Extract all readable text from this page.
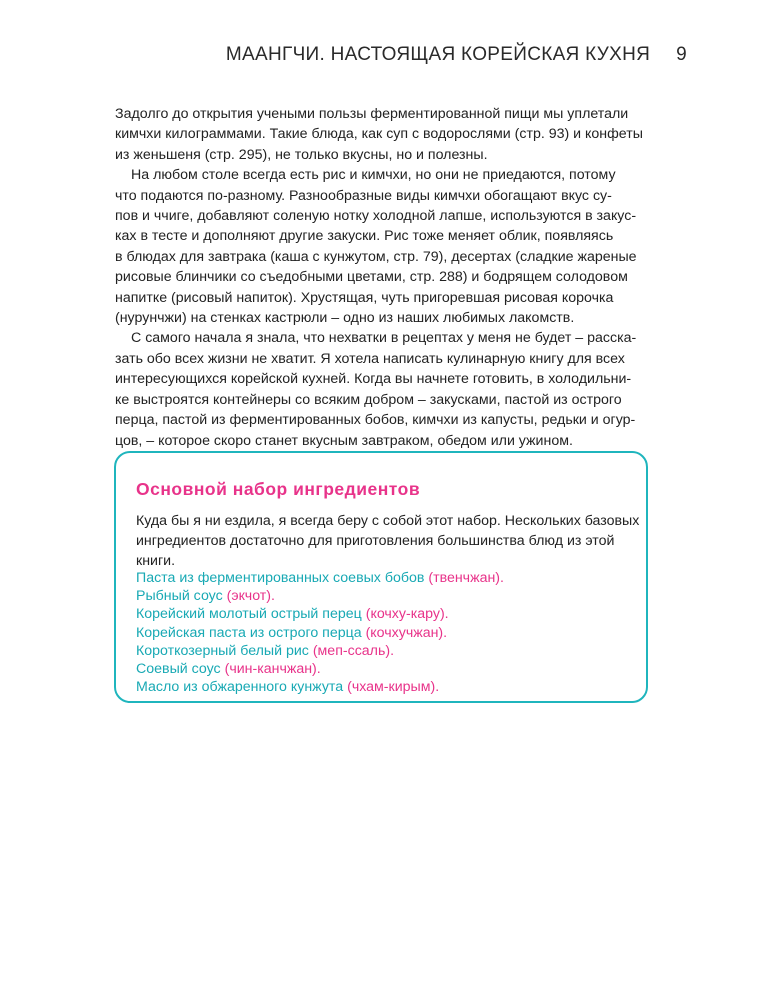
МААНГЧИ. НАСТОЯЩАЯ КОРЕЙСКАЯ КУХНЯ 9

Задолго до открытия учеными пользы ферментированной пищи мы уплетали
кимчхи килограммами. Такие блюда, как суп с водорослями (стр. 93) и конфеты
из женьшеня (стр. 295), не только вкусны, но и полезны.

На любом столе всегда есть рис и кимчхи, но они не приедаются, потому
что подаются по-разному. Разнообразные виды кимчхи обогащают вкус су-
пов и ччиге, добавляют соленую нотку холодной лапше, используются в закус-
ках в тесте и дополняют другие закуски. Рис тоже меняет облик, появляясь
в блюдах для завтрака (каша с кунжутом, стр. 79), десертах (сладкие жареные
рисовые блинчики со съедобными цветами, стр. 288) и бодрящем солодовом
напитке (рисовый напиток). Хрустящая, чуть пригоревшая рисовая корочка
(нурунчжи) на стенках кастрюли – одно из наших любимых лакомств.

С самого начала я знала, что нехватки в рецептах у меня не будет – расска-
зать обо всех жизни не хватит. Я хотела написать кулинарную книгу для всех
интересующихся корейской кухней. Когда вы начнете готовить, в холодильни-
ке выстроятся контейнеры со всяким добром – закусками, пастой из острого
перца, пастой из ферментированных бобов, кимчхи из капусты, редьки и огур-
цов, – которое скоро станет вкусным завтраком, обедом или ужином.

Основной набор ингредиентов
Куда бы я ни ездила, я всегда беру с собой этот набор. Нескольких базовых
ингредиентов достаточно для приготовления большинства блюд из этой
книги.
Паста из ферментированных соевых бобов (твенчжан).
Рыбный соус (экчот).
Корейский молотый острый перец (кочху-кару).
Корейская паста из острого перца (кочхучжан).
Короткозерный белый рис (меп-ссаль).
Соевый соус (чин-канчжан).
Масло из обжаренного кунжута (чхам-кирым).
